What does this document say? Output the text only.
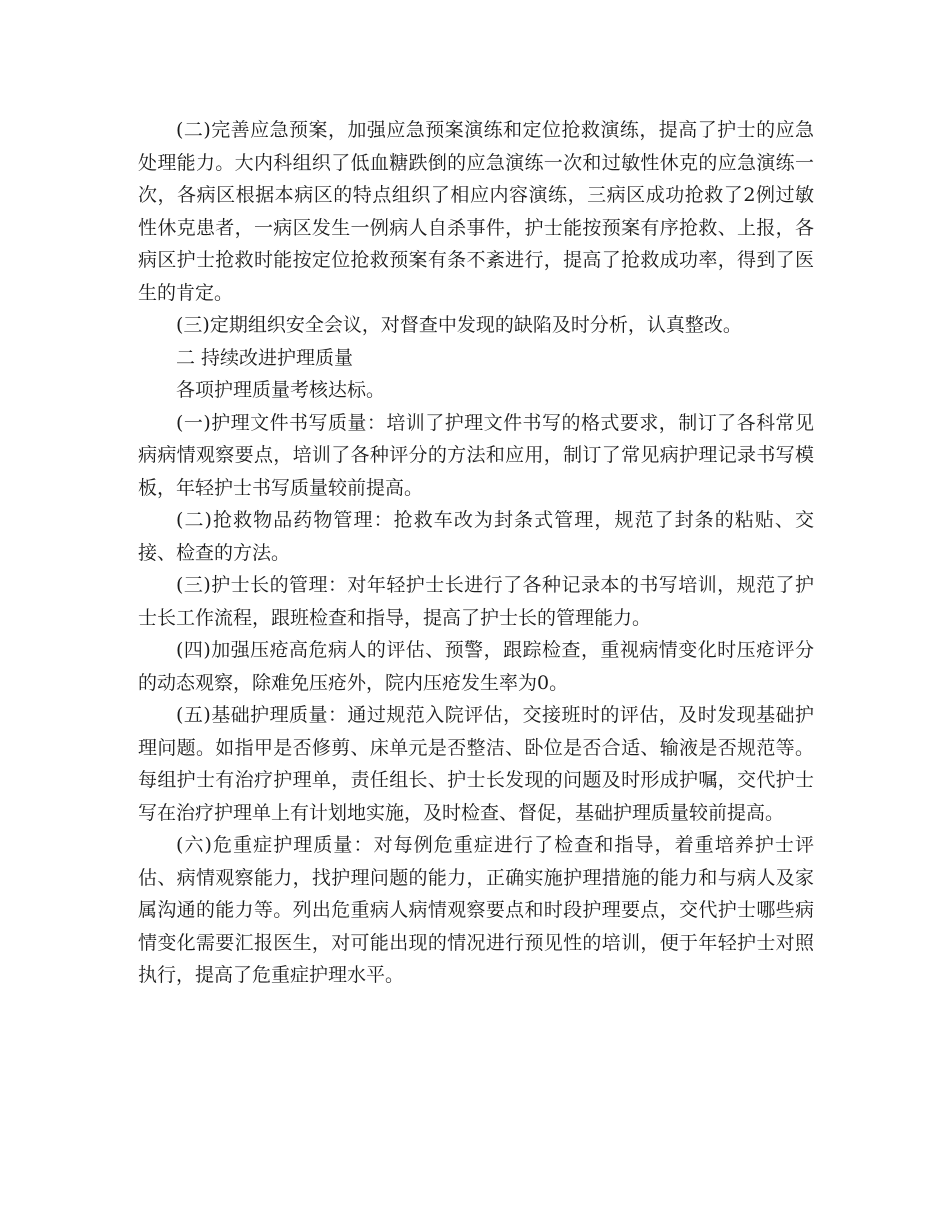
(二)完善应急预案，加强应急预案演练和定位抢救演练，提高了护士的应急处理能力。大内科组织了低血糖跌倒的应急演练一次和过敏性休克的应急演练一次，各病区根据本病区的特点组织了相应内容演练，三病区成功抢救了2例过敏性休克患者，一病区发生一例病人自杀事件，护士能按预案有序抢救、上报，各病区护士抢救时能按定位抢救预案有条不紊进行，提高了抢救成功率，得到了医生的肯定。

(三)定期组织安全会议，对督查中发现的缺陷及时分析，认真整改。

二 持续改进护理质量

各项护理质量考核达标。

(一)护理文件书写质量：培训了护理文件书写的格式要求，制订了各科常见病病情观察要点，培训了各种评分的方法和应用，制订了常见病护理记录书写模板，年轻护士书写质量较前提高。

(二)抢救物品药物管理：抢救车改为封条式管理，规范了封条的粘贴、交接、检查的方法。

(三)护士长的管理：对年轻护士长进行了各种记录本的书写培训，规范了护士长工作流程，跟班检查和指导，提高了护士长的管理能力。

(四)加强压疮高危病人的评估、预警，跟踪检查，重视病情变化时压疮评分的动态观察，除难免压疮外，院内压疮发生率为0。

(五)基础护理质量：通过规范入院评估，交接班时的评估，及时发现基础护理问题。如指甲是否修剪、床单元是否整洁、卧位是否合适、输液是否规范等。每组护士有治疗护理单，责任组长、护士长发现的问题及时形成护嘱，交代护士写在治疗护理单上有计划地实施，及时检查、督促，基础护理质量较前提高。

(六)危重症护理质量：对每例危重症进行了检查和指导，着重培养护士评估、病情观察能力，找护理问题的能力，正确实施护理措施的能力和与病人及家属沟通的能力等。列出危重病人病情观察要点和时段护理要点，交代护士哪些病情变化需要汇报医生，对可能出现的情况进行预见性的培训，便于年轻护士对照执行，提高了危重症护理水平。
